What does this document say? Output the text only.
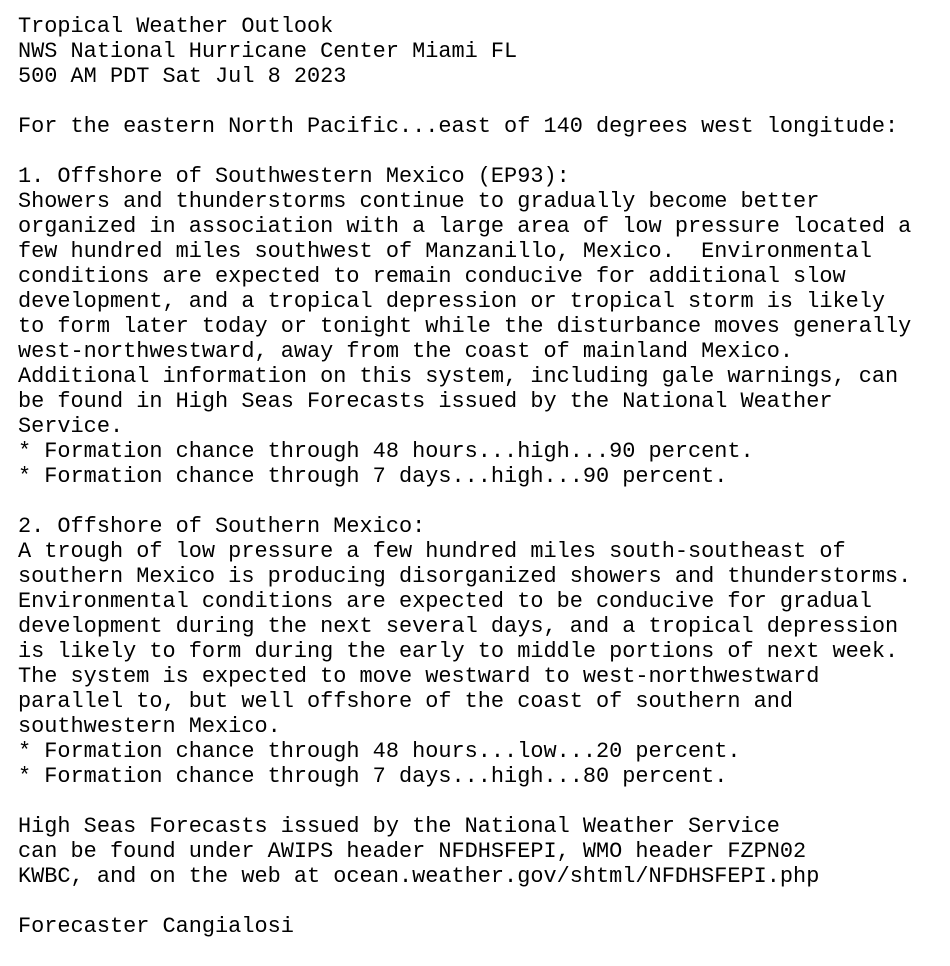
Tropical Weather Outlook
NWS National Hurricane Center Miami FL
500 AM PDT Sat Jul 8 2023
For the eastern North Pacific...east of 140 degrees west longitude:
1. Offshore of Southwestern Mexico (EP93):
Showers and thunderstorms continue to gradually become better
organized in association with a large area of low pressure located a
few hundred miles southwest of Manzanillo, Mexico.  Environmental
conditions are expected to remain conducive for additional slow
development, and a tropical depression or tropical storm is likely
to form later today or tonight while the disturbance moves generally
west-northwestward, away from the coast of mainland Mexico.
Additional information on this system, including gale warnings, can
be found in High Seas Forecasts issued by the National Weather
Service.
* Formation chance through 48 hours...high...90 percent.
* Formation chance through 7 days...high...90 percent.
2. Offshore of Southern Mexico:
A trough of low pressure a few hundred miles south-southeast of
southern Mexico is producing disorganized showers and thunderstorms.
Environmental conditions are expected to be conducive for gradual
development during the next several days, and a tropical depression
is likely to form during the early to middle portions of next week.
The system is expected to move westward to west-northwestward
parallel to, but well offshore of the coast of southern and
southwestern Mexico.
* Formation chance through 48 hours...low...20 percent.
* Formation chance through 7 days...high...80 percent.
High Seas Forecasts issued by the National Weather Service
can be found under AWIPS header NFDHSFEPI, WMO header FZPN02
KWBC, and on the web at ocean.weather.gov/shtml/NFDHSFEPI.php
Forecaster Cangialosi
